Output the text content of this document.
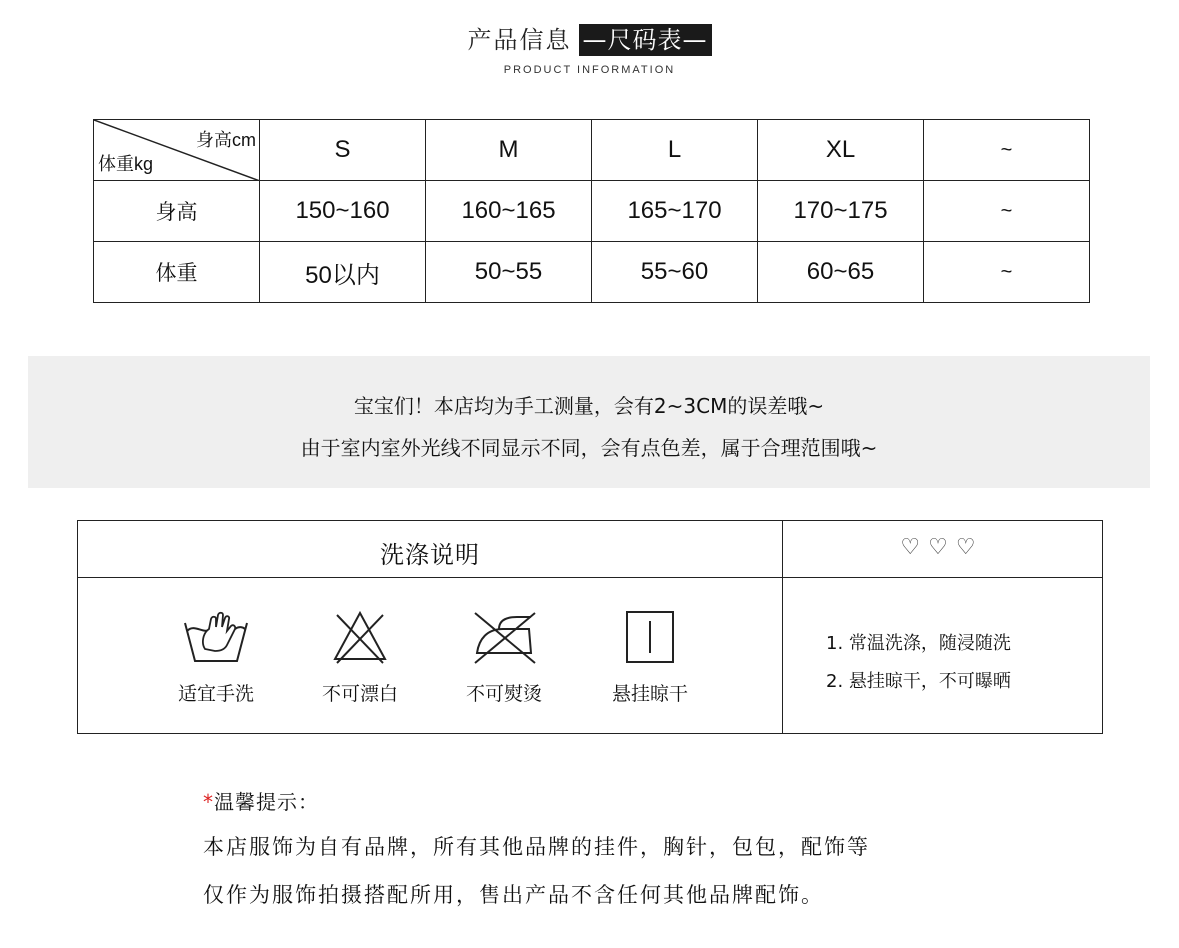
产品信息 —尺码表—
PRODUCT INFORMATION
身高cm
体重kg	S	M	L	XL	~
身高	150~160	160~165	165~170	170~175	~
体重	50以内	50~55	55~60	60~65	~
宝宝们！本店均为手工测量，会有2~3CM的误差哦~
由于室内室外光线不同显示不同，会有点色差，属于合理范围哦~
洗涤说明	♡♡♡
适宜手洗	不可漂白	不可熨烫	悬挂晾干
1. 常温洗涤，随浸随洗
2. 悬挂晾干，不可曝晒
*温馨提示：
本店服饰为自有品牌，所有其他品牌的挂件，胸针，包包，配饰等
仅作为服饰拍摄搭配所用，售出产品不含任何其他品牌配饰。
